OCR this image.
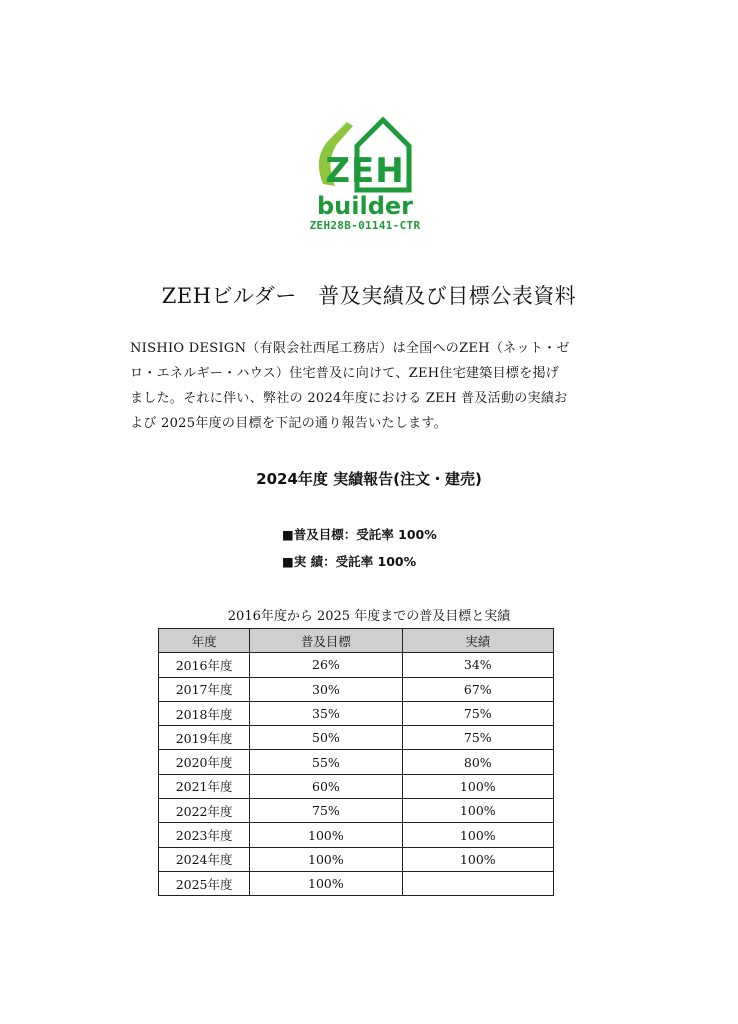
ZEH
builder
ZEH28B-01141-CTR
ZEHビルダー　普及実績及び目標公表資料

NISHIO DESIGN（有限会社西尾工務店）は全国へのZEH（ネット・ゼ

ロ・エネルギー・ハウス）住宅普及に向けて、ZEH住宅建築目標を掲げ

ました。それに伴い、弊社の 2024年度における ZEH 普及活動の実績お

よび 2025年度の目標を下記の通り報告いたします。

2024年度 実績報告(注文・建売)
■普及目標：受託率 100%
■実 績：受託率 100%
2016年度から 2025 年度までの普及目標と実績
年度	普及目標	実績
2016年度	26%	34%
2017年度	30%	67%
2018年度	35%	75%
2019年度	50%	75%
2020年度	55%	80%
2021年度	60%	100%
2022年度	75%	100%
2023年度	100%	100%
2024年度	100%	100%
2025年度	100%	
